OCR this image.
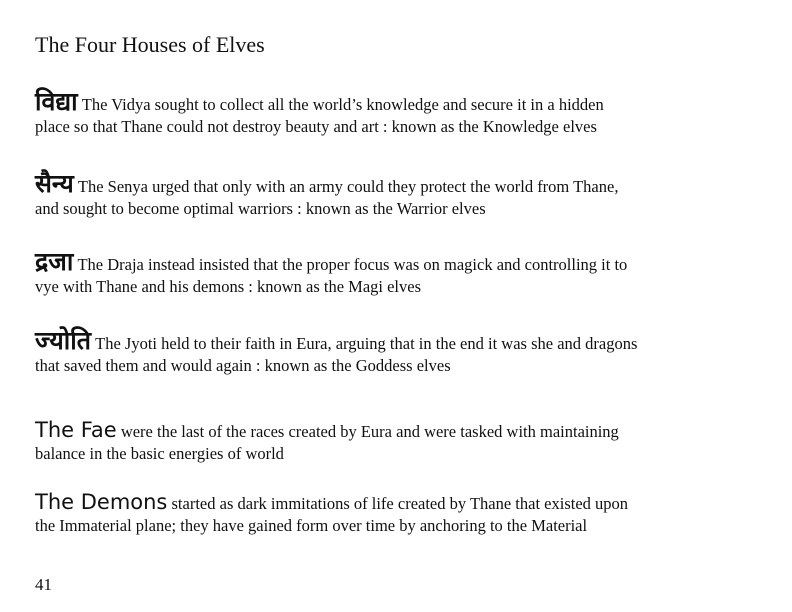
The Four Houses of Elves

विद्या The Vidya sought to collect all the world’s knowledge and secure it in a hidden
place so that Thane could not destroy beauty and art : known as the Knowledge elves

सैन्य The Senya urged that only with an army could they protect the world from Thane,
and sought to become optimal warriors : known as the Warrior elves

द्रजा The Draja instead insisted that the proper focus was on magick and controlling it to
vye with Thane and his demons : known as the Magi elves

ज्योति The Jyoti held to their faith in Eura, arguing that in the end it was she and dragons
that saved them and would again : known as the Goddess elves

The Fae were the last of the races created by Eura and were tasked with maintaining
balance in the basic energies of world

The Demons started as dark immitations of life created by Thane that existed upon
the Immaterial plane; they have gained form over time by anchoring to the Material

41
